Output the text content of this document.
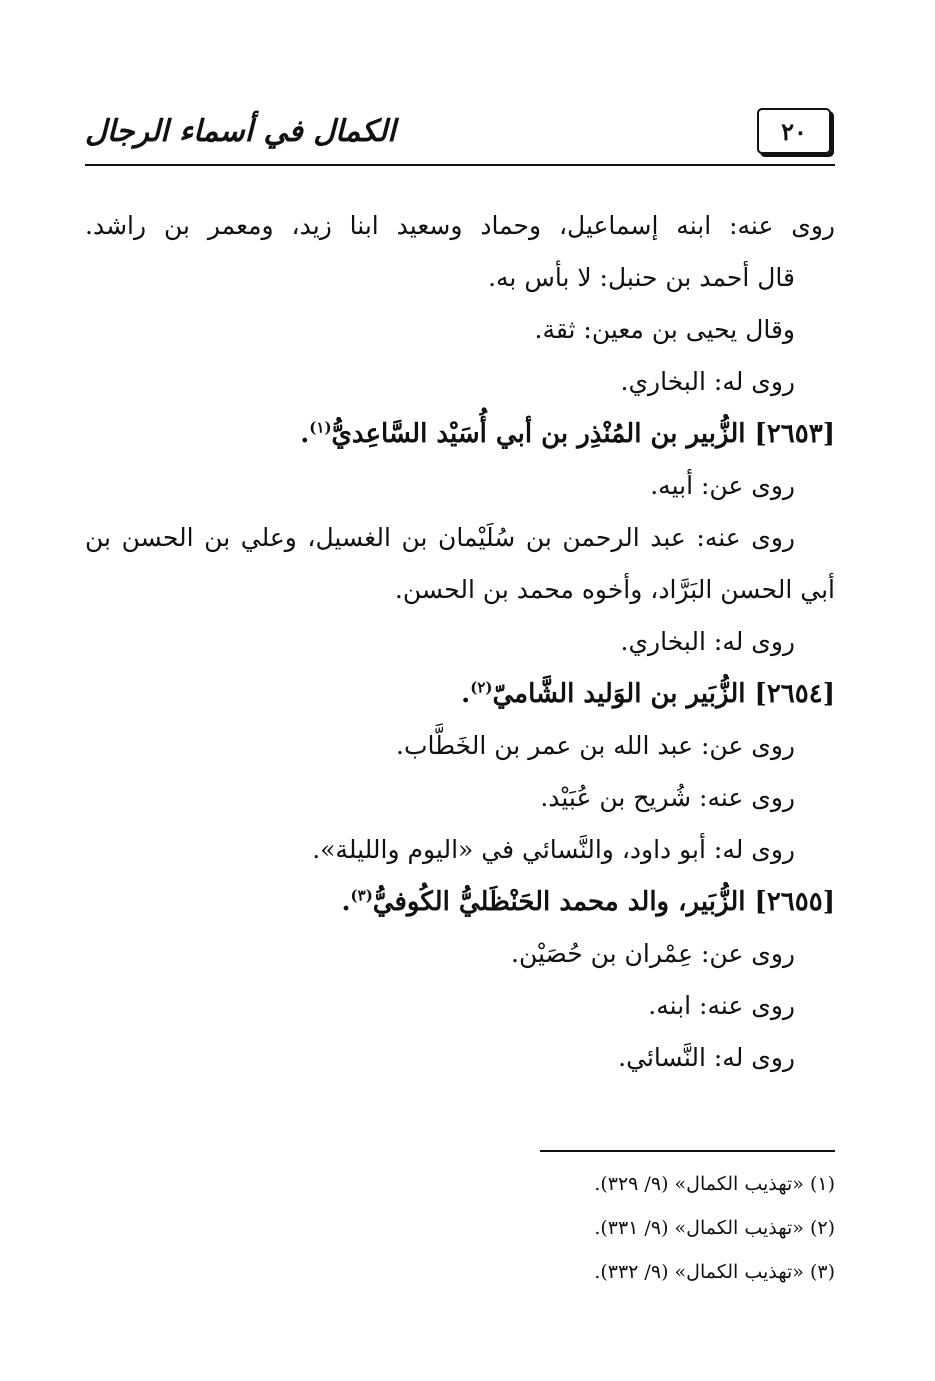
الكمال في أسماء الرجال	٢٠
روى عنه: ابنه إسماعيل، وحماد وسعيد ابنا زيد، ومعمر بن راشد.
قال أحمد بن حنبل: لا بأس به.
وقال يحيى بن معين: ثقة.
روى له: البخاري.
[٢٦٥٣] الزُّبير بن المُنْذِر بن أبي أُسَيْد السَّاعِديُّ$^{(١)}$.
روى عن: أبيه.
روى عنه: عبد الرحمن بن سُلَيْمان بن الغسيل، وعلي بن الحسن بن
أبي الحسن البَرَّاد، وأخوه محمد بن الحسن.
روى له: البخاري.
[٢٦٥٤] الزُّبَير بن الوَليد الشَّاميّ$^{(٢)}$.
روى عن: عبد الله بن عمر بن الخَطَّاب.
روى عنه: شُريح بن عُبَيْد.
روى له: أبو داود، والنَّسائي في «اليوم والليلة».
[٢٦٥٥] الزُّبَير، والد محمد الحَنْظَليُّ الكُوفيُّ$^{(٣)}$.
روى عن: عِمْران بن حُصَيْن.
روى عنه: ابنه.
روى له: النَّسائي.
(١) «تهذيب الكمال» (٩/ ٣٢٩).
(٢) «تهذيب الكمال» (٩/ ٣٣١).
(٣) «تهذيب الكمال» (٩/ ٣٣٢).
